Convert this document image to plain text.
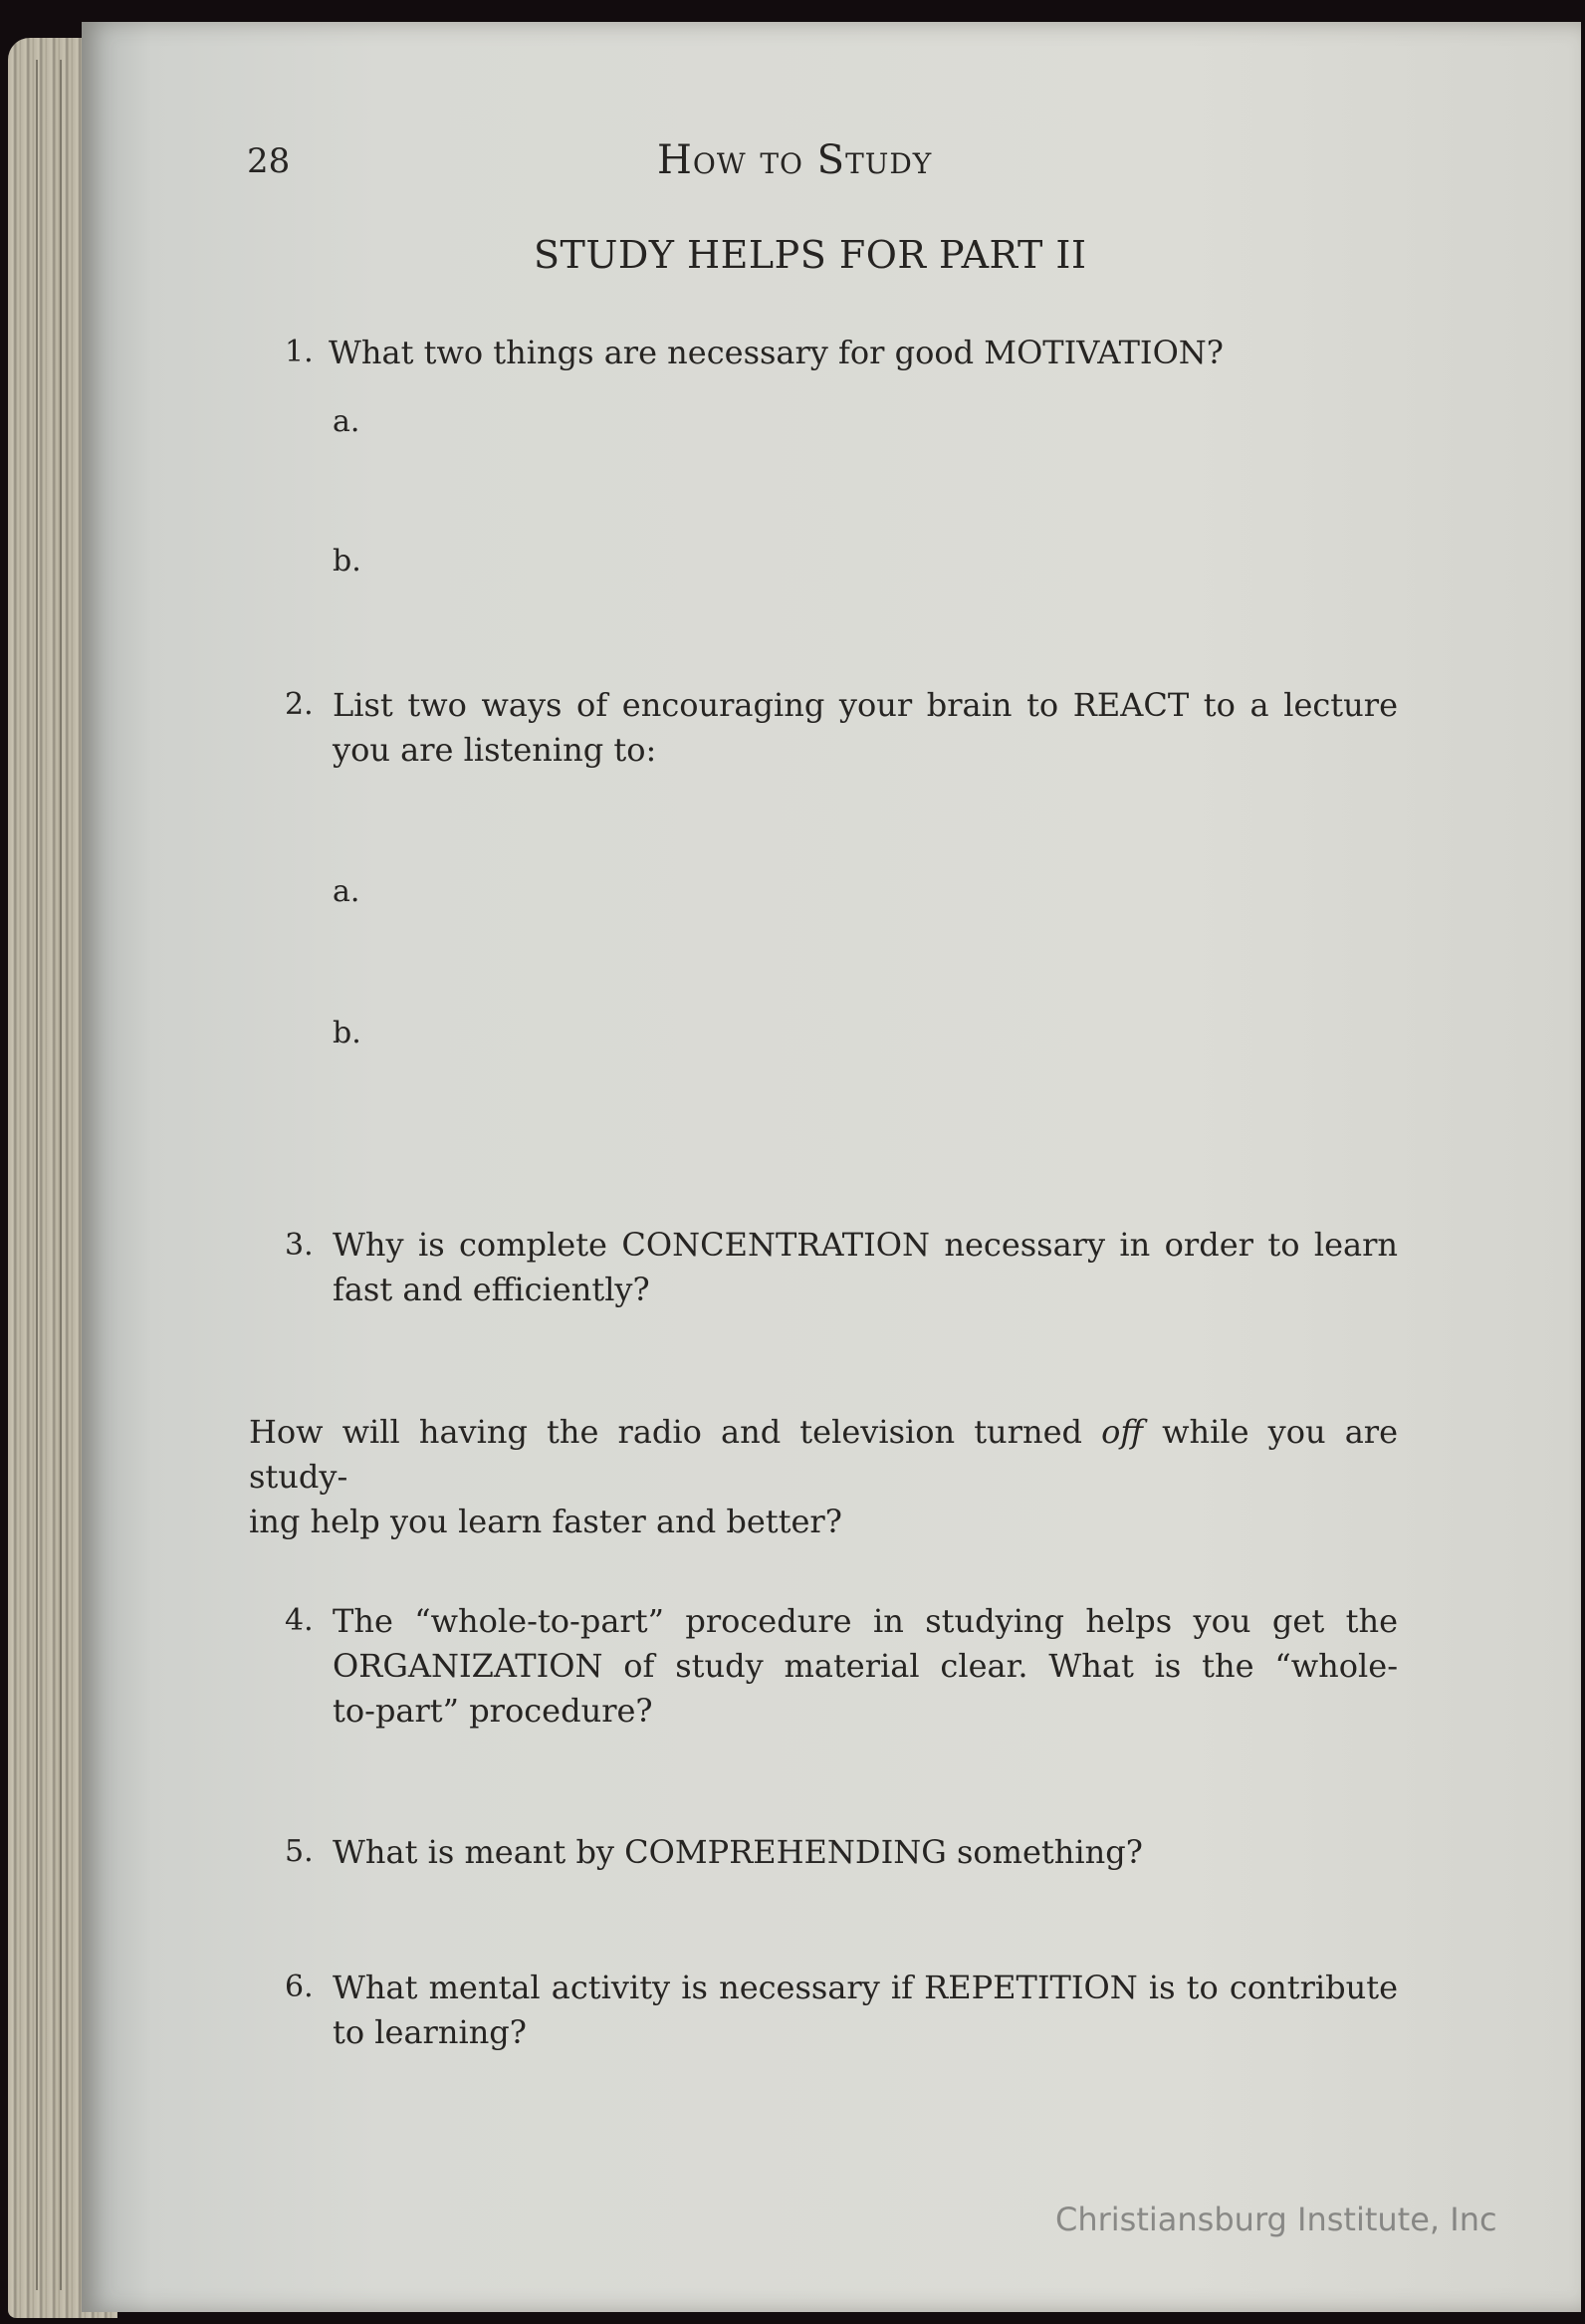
28	How to Study
STUDY HELPS FOR PART II
1. What two things are necessary for good MOTIVATION?
a.
b.
2. List two ways of encouraging your brain to REACT to a lecture
you are listening to:
a.
b.
3. Why is complete CONCENTRATION necessary in order to learn
fast and efficiently?
How will having the radio and television turned off while you are study-
ing help you learn faster and better?
4. The “whole-to-part” procedure in studying helps you get the
ORGANIZATION of study material clear. What is the “whole-
to-part” procedure?
5. What is meant by COMPREHENDING something?
6. What mental activity is necessary if REPETITION is to contribute
to learning?
Christiansburg Institute, Inc
